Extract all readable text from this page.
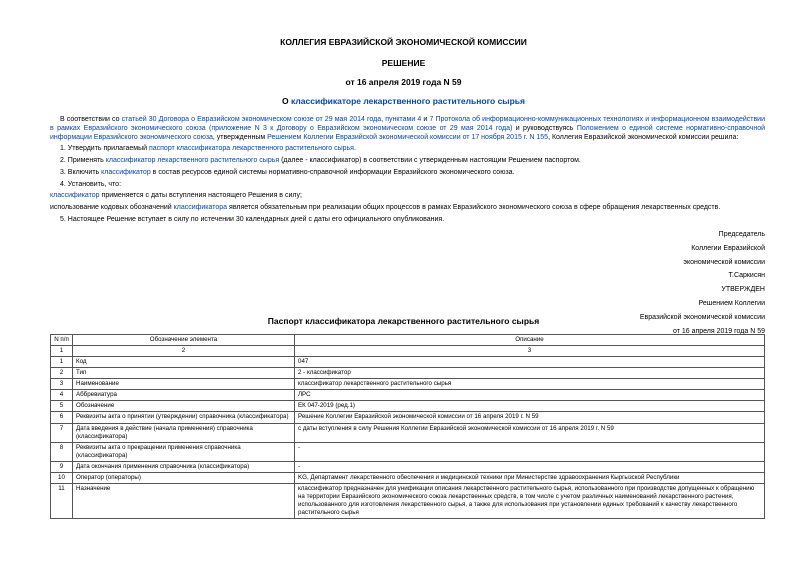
КОЛЛЕГИЯ ЕВРАЗИЙСКОЙ ЭКОНОМИЧЕСКОЙ КОМИССИИ
РЕШЕНИЕ
от 16 апреля 2019 года N 59
О классификаторе лекарственного растительного сырья

В соответствии со статьей 30 Договора о Евразийском экономическом союзе от 29 мая 2014 года, пунктами 4 и 7 Протокола об информационно-коммуникационных технологиях и информационном взаимодействии в рамках Евразийского экономического союза (приложение N 3 к Договору о Евразийском экономическом союзе от 29 мая 2014 года) и руководствуясь Положением о единой системе нормативно-справочной информации Евразийского экономического союза, утвержденным Решением Коллегии Евразийской экономической комиссии от 17 ноября 2015 г. N 155, Коллегия Евразийской экономической комиссии решила:

1. Утвердить прилагаемый паспорт классификатора лекарственного растительного сырья.

2. Применять классификатор лекарственного растительного сырья (далее - классификатор) в соответствии с утвержденным настоящим Решением паспортом.

3. Включить классификатор в состав ресурсов единой системы нормативно-справочной информации Евразийского экономического союза.

4. Установить, что:

классификатор применяется с даты вступления настоящего Решения в силу;

использование кодовых обозначений классификатора является обязательным при реализации общих процессов в рамках Евразийского экономического союза в сфере обращения лекарственных средств.

5. Настоящее Решение вступает в силу по истечении 30 календарных дней с даты его официального опубликования.

Председатель
Коллегии Евразийской
экономической комиссии
Т.Саркисян
УТВЕРЖДЕН
Решением Коллегии
Евразийской экономической комиссии
от 16 апреля 2019 года N 59
Паспорт классификатора лекарственного растительного сырья
N п/п	Обозначение элемента	Описание
1	2	3
1	Код	047
2	Тип	2 - классификатор
3	Наименование	классификатор лекарственного растительного сырья
4	Аббревиатура	ЛРС
5	Обозначение	ЕК 047-2019 (ред.1)
6	Реквизиты акта о принятии (утверждении) справочника (классификатора)	Решение Коллегии Евразийской экономической комиссии от 16 апреля 2019 г. N 59
7	Дата введения в действие (начала применения) справочника (классификатора)	с даты вступления в силу Решения Коллегии Евразийской экономической комиссии от 16 апреля 2019 г. N 59
8	Реквизиты акта о прекращении применения справочника (классификатора)	-
9	Дата окончания применения справочника (классификатора)	-
10	Оператор (операторы)	KG, Департамент лекарственного обеспечения и медицинской техники при Министерстве здравоохранения Кыргызской Республики
11	Назначение	классификатор предназначен для унификации описания лекарственного растительного сырья, использованного при производстве допущенных к обращению на территории Евразийского экономического союза лекарственных средств, в том числе с учетом различных наименований лекарственного растения, использованного для изготовления лекарственного сырья, а также для использования при установлении единых требований к качеству лекарственного растительного сырья
